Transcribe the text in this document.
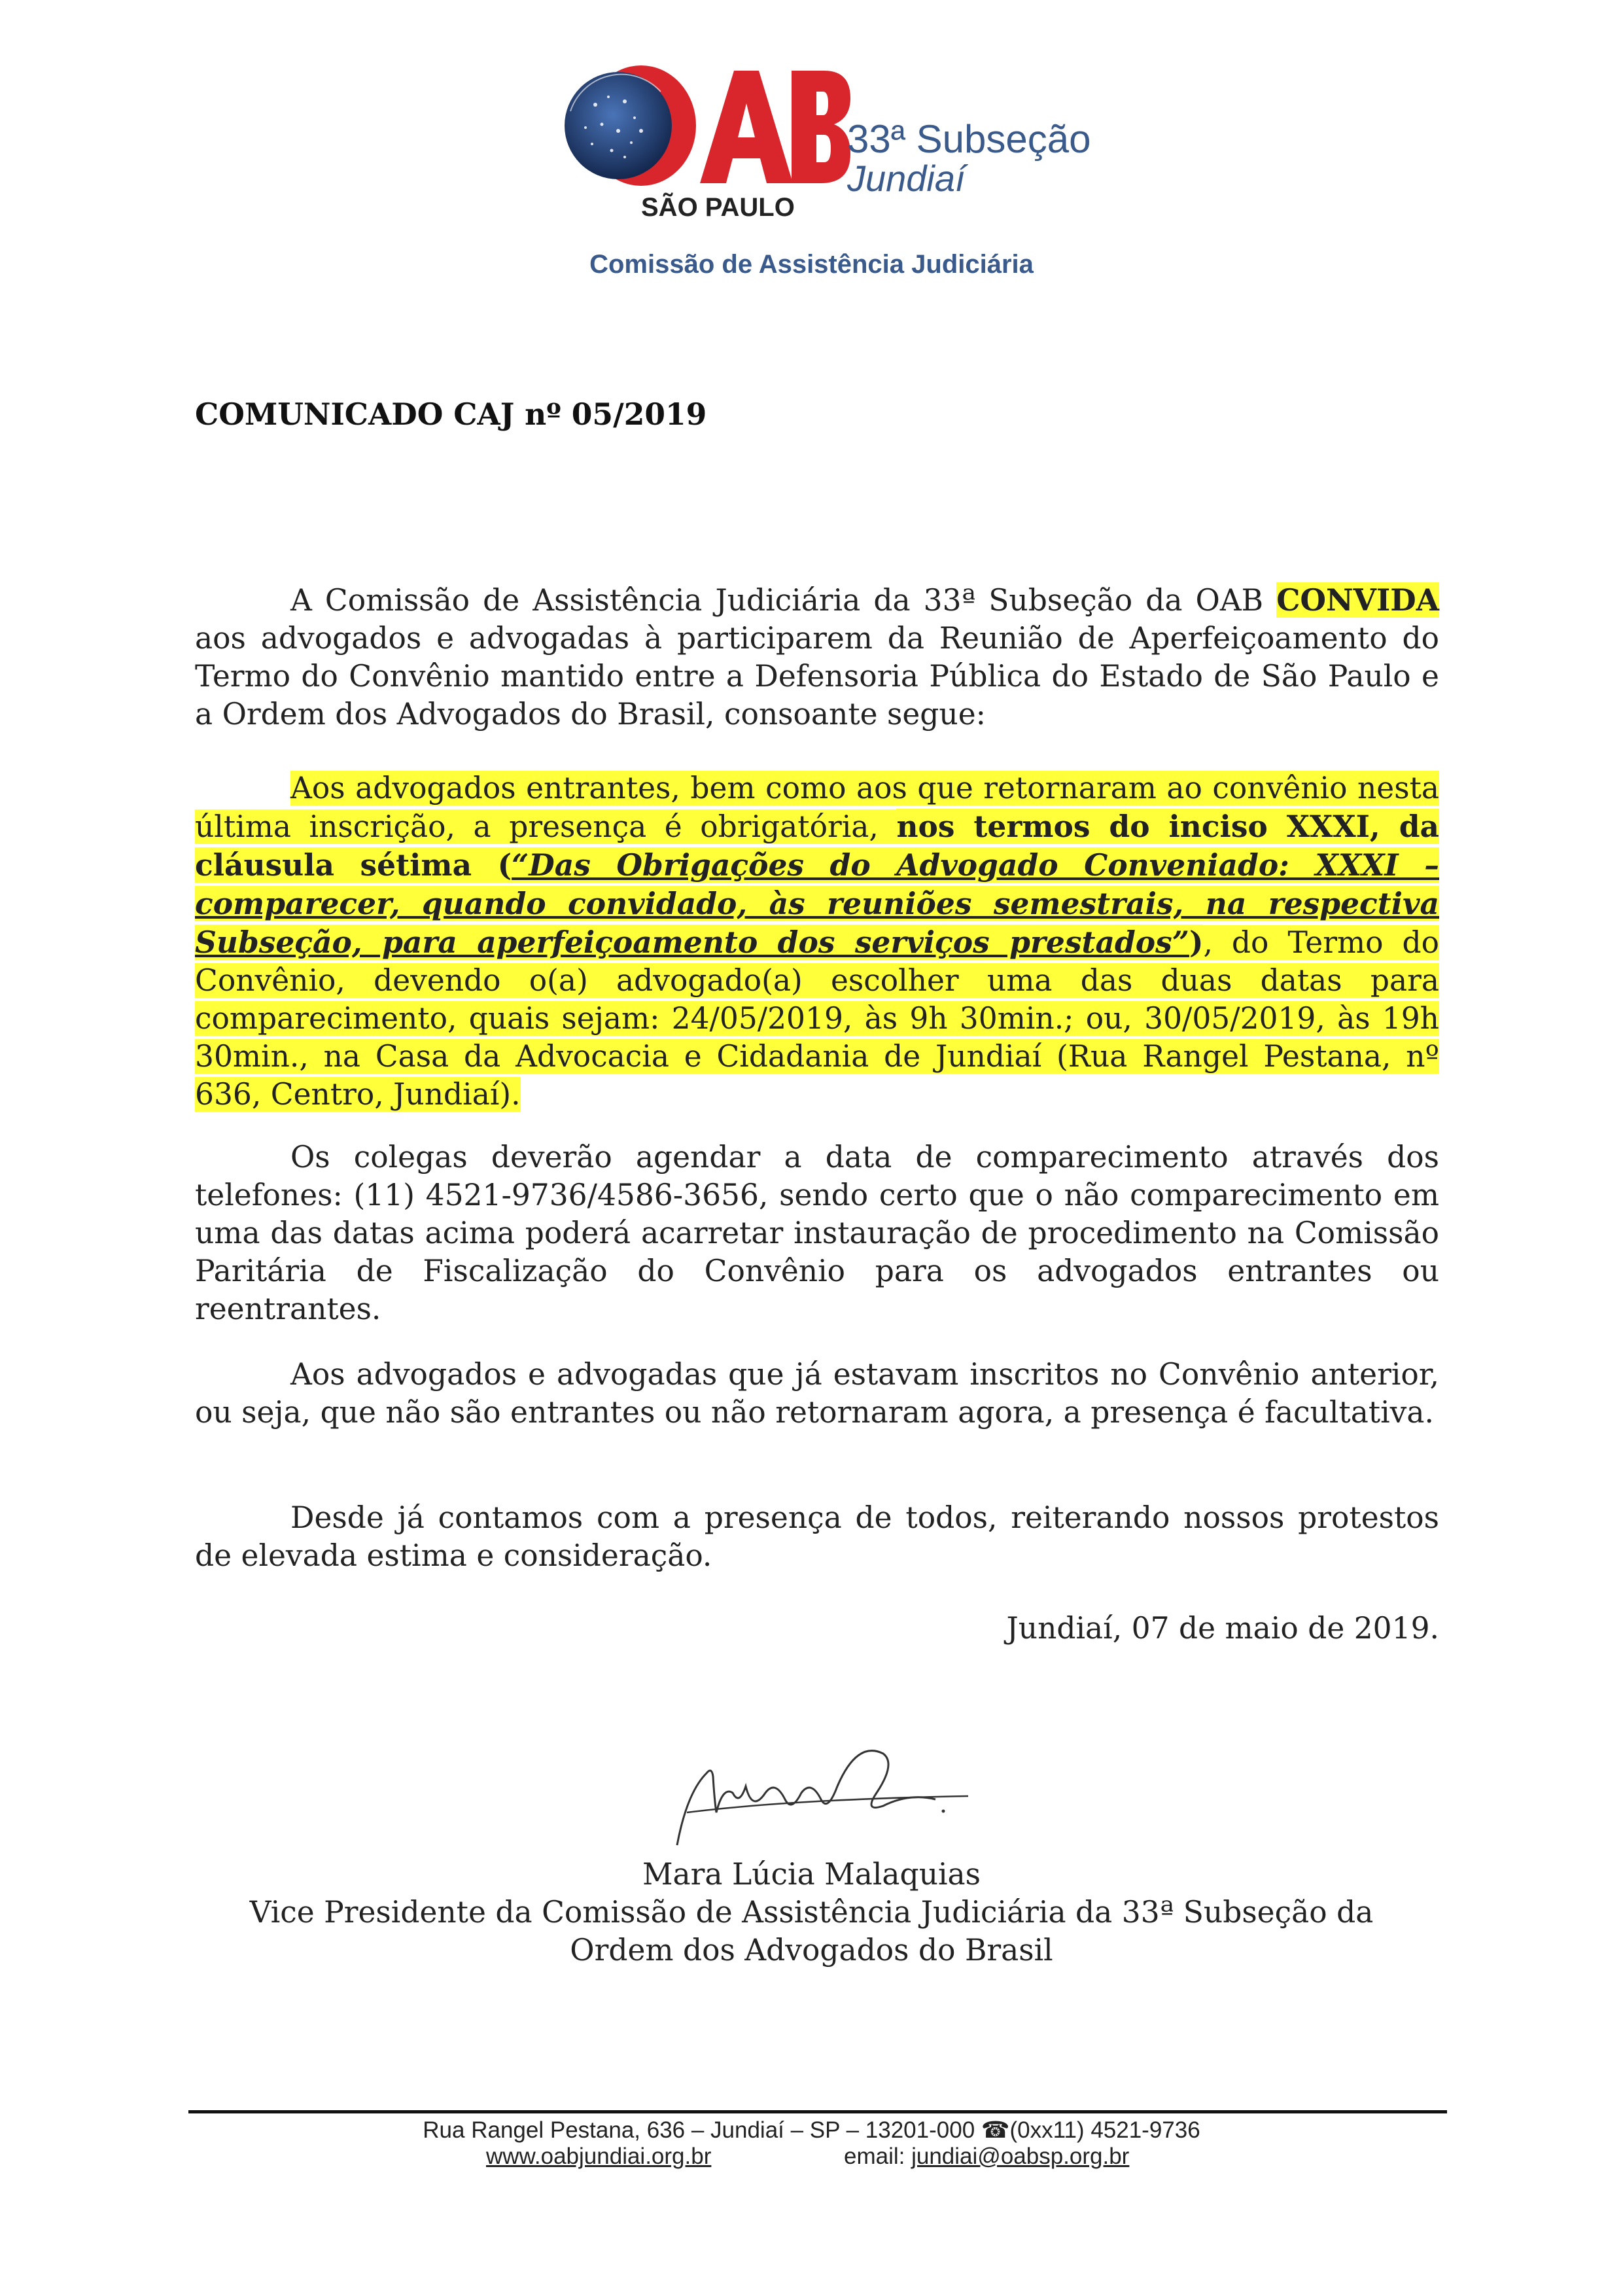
SÃO PAULO
33ª Subseção
Jundiaí
Comissão de Assistência Judiciária
COMUNICADO CAJ nº 05/2019
A Comissão de Assistência Judiciária da 33ª Subseção da OAB CONVIDA aos advogados e advogadas à participarem da Reunião de Aperfeiçoamento do Termo do Convênio mantido entre a Defensoria Pública do Estado de São Paulo e a Ordem dos Advogados do Brasil, consoante segue:
Aos advogados entrantes, bem como aos que retornaram ao convênio nesta última inscrição, a presença é obrigatória, nos termos do inciso XXXI, da cláusula sétima (“Das Obrigações do Advogado Conveniado: XXXI – comparecer, quando convidado, às reuniões semestrais, na respectiva Subseção, para aperfeiçoamento dos serviços prestados”), do Termo do Convênio, devendo o(a) advogado(a) escolher uma das duas datas para comparecimento, quais sejam: 24/05/2019, às 9h 30min.; ou, 30/05/2019, às 19h 30min., na Casa da Advocacia e Cidadania de Jundiaí (Rua Rangel Pestana, nº 636, Centro, Jundiaí).
Os colegas deverão agendar a data de comparecimento através dos telefones: (11) 4521-9736/4586-3656, sendo certo que o não comparecimento em uma das datas acima poderá acarretar instauração de procedimento na Comissão Paritária de Fiscalização do Convênio para os advogados entrantes ou reentrantes.
Aos advogados e advogadas que já estavam inscritos no Convênio anterior, ou seja, que não são entrantes ou não retornaram agora, a presença é facultativa.
Desde já contamos com a presença de todos, reiterando nossos protestos de elevada estima e consideração.
Jundiaí, 07 de maio de 2019.
Mara Lúcia Malaquias
Vice Presidente da Comissão de Assistência Judiciária da 33ª Subseção da
Ordem dos Advogados do Brasil
Rua Rangel Pestana, 636 – Jundiaí – SP – 13201-000 ☎(0xx11) 4521-9736
www.oabjundiai.org.br	email: jundiai@oabsp.org.br
